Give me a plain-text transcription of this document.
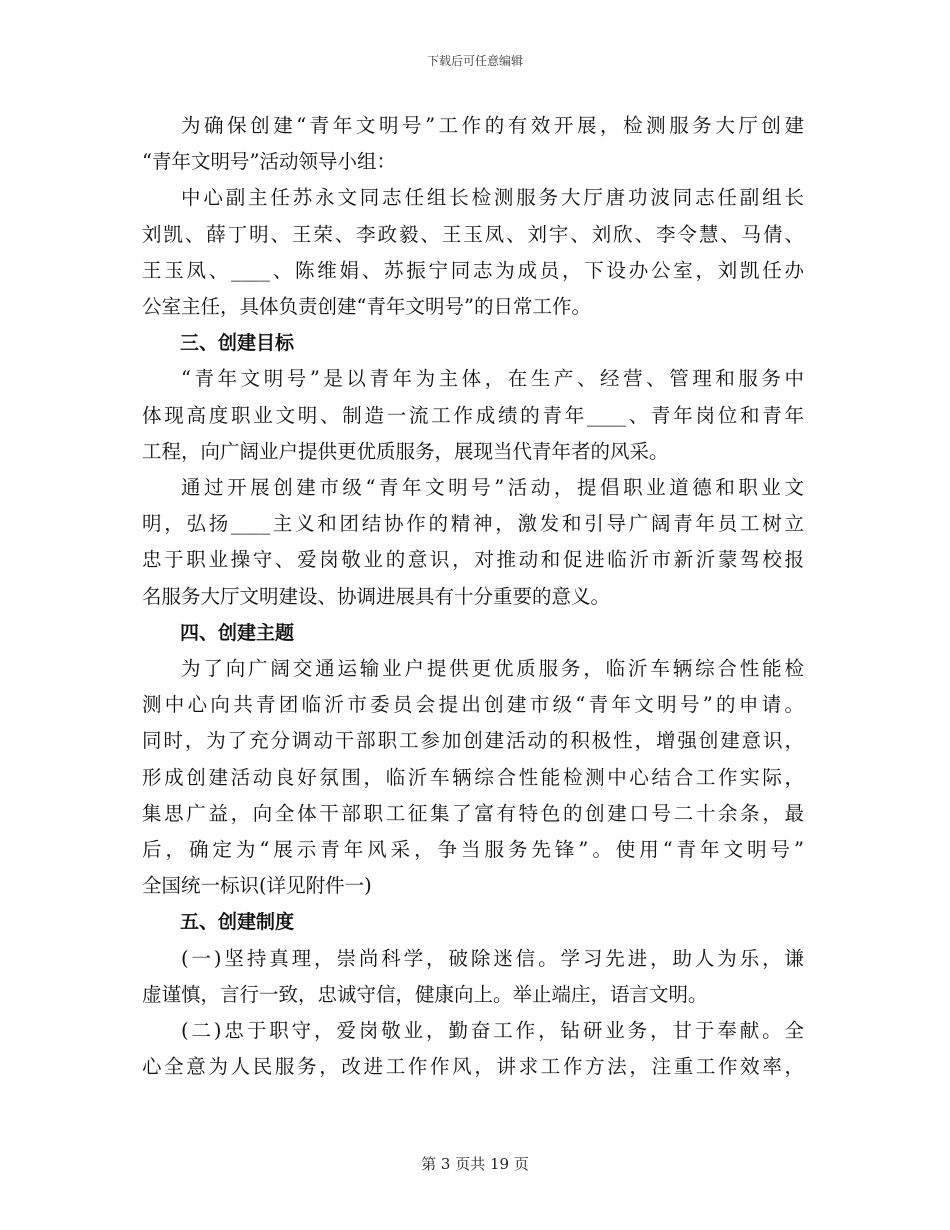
下载后可任意编辑

为确保创建“青年文明号”工作的有效开展，检测服务大厅创建
“青年文明号”活动领导小组：

中心副主任苏永文同志任组长检测服务大厅唐功波同志任副组长
刘凯、薛丁明、王荣、李政毅、王玉凤、刘宇、刘欣、李令慧、马倩、
王玉凤、____、陈维娟、苏振宁同志为成员，下设办公室，刘凯任办
公室主任，具体负责创建“青年文明号”的日常工作。

三、创建目标

“青年文明号”是以青年为主体，在生产、经营、管理和服务中
体现高度职业文明、制造一流工作成绩的青年____、青年岗位和青年
工程，向广阔业户提供更优质服务，展现当代青年者的风采。

通过开展创建市级“青年文明号”活动，提倡职业道德和职业文
明，弘扬____主义和团结协作的精神，激发和引导广阔青年员工树立
忠于职业操守、爱岗敬业的意识，对推动和促进临沂市新沂蒙驾校报
名服务大厅文明建设、协调进展具有十分重要的意义。

四、创建主题

为了向广阔交通运输业户提供更优质服务，临沂车辆综合性能检
测中心向共青团临沂市委员会提出创建市级“青年文明号”的申请。
同时，为了充分调动干部职工参加创建活动的积极性，增强创建意识，
形成创建活动良好氛围，临沂车辆综合性能检测中心结合工作实际，
集思广益，向全体干部职工征集了富有特色的创建口号二十余条，最
后，确定为“展示青年风采，争当服务先锋”。使用“青年文明号”
全国统一标识(详见附件一)

五、创建制度

(一)坚持真理，崇尚科学，破除迷信。学习先进，助人为乐，谦
虚谨慎，言行一致，忠诚守信，健康向上。举止端庄，语言文明。

(二)忠于职守，爱岗敬业，勤奋工作，钻研业务，甘于奉献。全
心全意为人民服务，改进工作作风，讲求工作方法，注重工作效率，

第 3 页共 19 页
